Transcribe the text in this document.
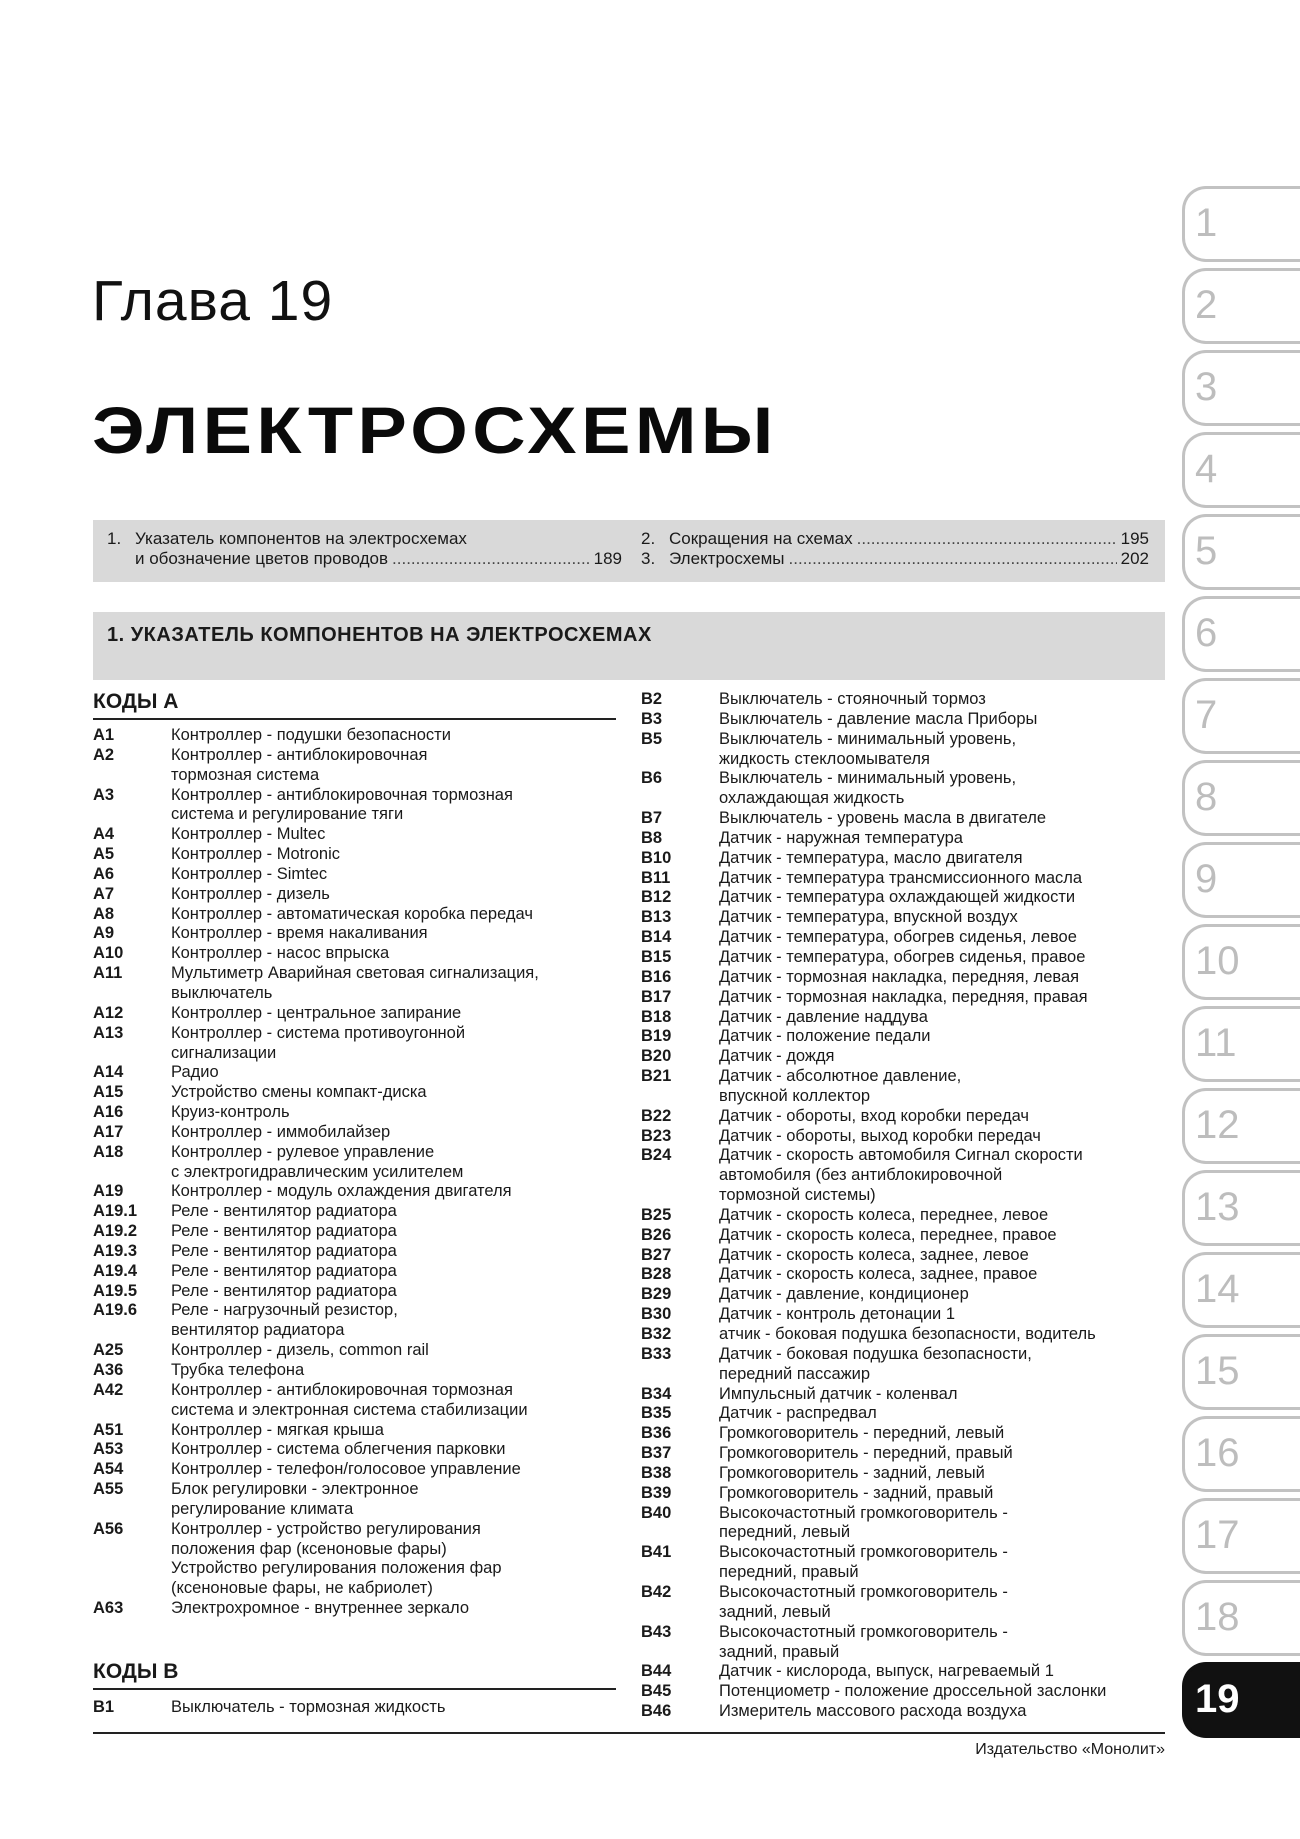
Глава 19
ЭЛЕКТРОСХЕМЫ
1. Указатель компонентов на электросхемах
и обозначение цветов проводов .....	189
2. Сокращения на схемах .....	195
3. Электросхемы .....	202
1. УКАЗАТЕЛЬ КОМПОНЕНТОВ НА ЭЛЕКТРОСХЕМАХ
КОДЫ А
A1	Контроллер - подушки безопасности
A2	Контроллер - антиблокировочная
тормозная система
A3	Контроллер - антиблокировочная тормозная
система и регулирование тяги
A4	Контроллер - Multec
A5	Контроллер - Motronic
A6	Контроллер - Simtec
A7	Контроллер - дизель
A8	Контроллер - автоматическая коробка передач
A9	Контроллер - время накаливания
A10	Контроллер - насос впрыска
A11	Мультиметр Аварийная световая сигнализация,
выключатель
A12	Контроллер - центральное запирание
A13	Контроллер - система противоугонной
сигнализации
A14	Радио
A15	Устройство смены компакт-диска
A16	Круиз-контроль
A17	Контроллер - иммобилайзер
A18	Контроллер - рулевое управление
с электрогидравлическим усилителем
A19	Контроллер - модуль охлаждения двигателя
A19.1	Реле - вентилятор радиатора
A19.2	Реле - вентилятор радиатора
A19.3	Реле - вентилятор радиатора
A19.4	Реле - вентилятор радиатора
A19.5	Реле - вентилятор радиатора
A19.6	Реле - нагрузочный резистор,
вентилятор радиатора
A25	Контроллер - дизель, common rail
A36	Трубка телефона
A42	Контроллер - антиблокировочная тормозная
система и электронная система стабилизации
A51	Контроллер - мягкая крыша
A53	Контроллер - система облегчения парковки
A54	Контроллер - телефон/голосовое управление
A55	Блок регулировки - электронное
регулирование климата
A56	Контроллер - устройство регулирования
положения фар (ксеноновые фары)
Устройство регулирования положения фар
(ксеноновые фары, не кабриолет)
A63	Электрохромное - внутреннее зеркало
КОДЫ В
B1	Выключатель - тормозная жидкость
B2	Выключатель - стояночный тормоз
B3	Выключатель - давление масла Приборы
B5	Выключатель - минимальный уровень,
жидкость стеклоомывателя
B6	Выключатель - минимальный уровень,
охлаждающая жидкость
B7	Выключатель - уровень масла в двигателе
B8	Датчик - наружная температура
B10	Датчик - температура, масло двигателя
B11	Датчик - температура трансмиссионного масла
B12	Датчик - температура охлаждающей жидкости
B13	Датчик - температура, впускной воздух
B14	Датчик - температура, обогрев сиденья, левое
B15	Датчик - температура, обогрев сиденья, правое
B16	Датчик - тормозная накладка, передняя, левая
B17	Датчик - тормозная накладка, передняя, правая
B18	Датчик - давление наддува
B19	Датчик - положение педали
B20	Датчик - дождя
B21	Датчик - абсолютное давление,
впускной коллектор
B22	Датчик - обороты, вход коробки передач
B23	Датчик - обороты, выход коробки передач
B24	Датчик - скорость автомобиля Сигнал скорости
автомобиля (без антиблокировочной
тормозной системы)
B25	Датчик - скорость колеса, переднее, левое
B26	Датчик - скорость колеса, переднее, правое
B27	Датчик - скорость колеса, заднее, левое
B28	Датчик - скорость колеса, заднее, правое
B29	Датчик - давление, кондиционер
B30	Датчик - контроль детонации 1
B32	атчик - боковая подушка безопасности, водитель
B33	Датчик - боковая подушка безопасности,
передний пассажир
B34	Импульсный датчик - коленвал
B35	Датчик - распредвал
B36	Громкоговоритель - передний, левый
B37	Громкоговоритель - передний, правый
B38	Громкоговоритель - задний, левый
B39	Громкоговоритель - задний, правый
B40	Высокочастотный громкоговоритель -
передний, левый
B41	Высокочастотный громкоговоритель -
передний, правый
B42	Высокочастотный громкоговоритель -
задний, левый
B43	Высокочастотный громкоговоритель -
задний, правый
B44	Датчик - кислорода, выпуск, нагреваемый 1
B45	Потенциометр - положение дроссельной заслонки
B46	Измеритель массового расхода воздуха
Издательство «Монолит»
1
2
3
4
5
6
7
8
9
10
11
12
13
14
15
16
17
18
19
